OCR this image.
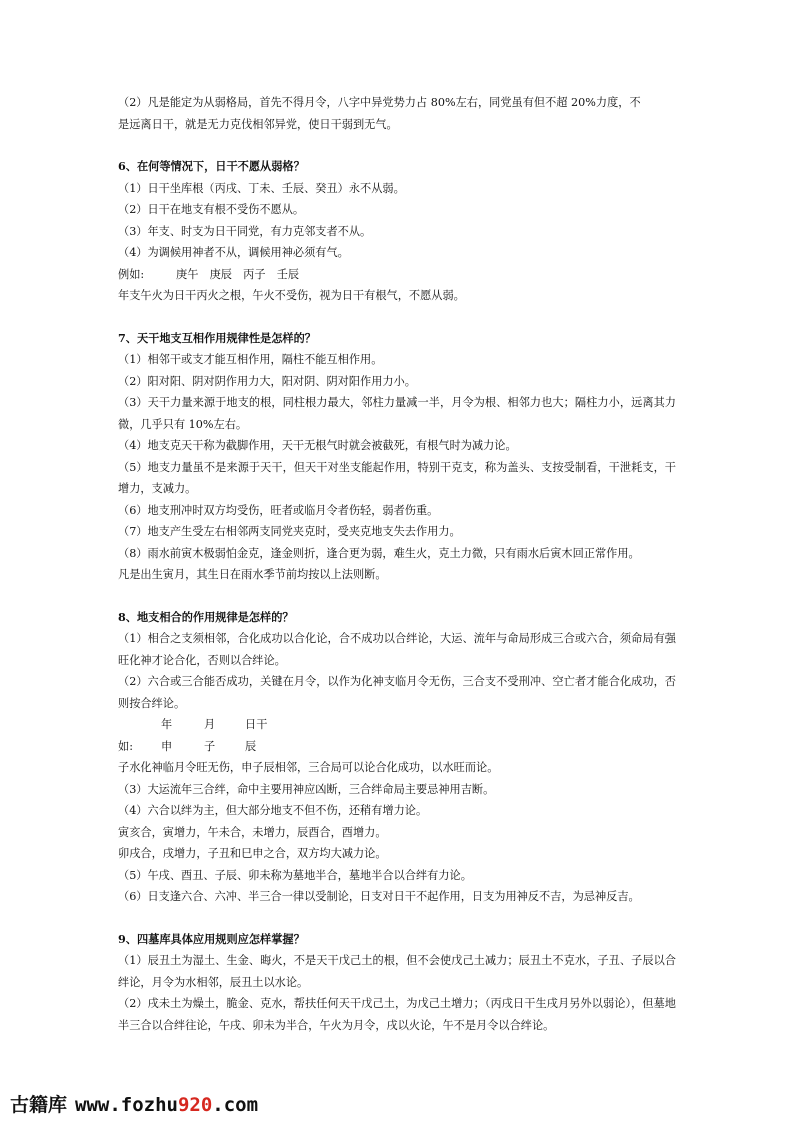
（2）凡是能定为从弱格局，首先不得月令，八字中异党势力占 80%左右，同党虽有但不超 20%力度，不
是远离日干，就是无力克伐相邻异党，使日干弱到无气。
6、在何等情况下，日干不愿从弱格？
（1）日干坐库根（丙戌、丁未、壬辰、癸丑）永不从弱。
（2）日干在地支有根不受伤不愿从。
（3）年支、时支为日干同党，有力克邻支者不从。
（4）为调候用神者不从，调候用神必须有气。
例如:	庚午　庚辰　丙子　壬辰
年支午火为日干丙火之根，午火不受伤，视为日干有根气，不愿从弱。
7、天干地支互相作用规律性是怎样的？
（1）相邻干或支才能互相作用，隔柱不能互相作用。
（2）阳对阳、阴对阴作用力大，阳对阴、阴对阳作用力小。
（3）天干力量来源于地支的根，同柱根力最大，邻柱力量减一半，月令为根、相邻力也大；隔柱力小，远离其力微，几乎只有 10%左右。
（4）地支克天干称为截脚作用，天干无根气时就会被截死，有根气时为减力论。
（5）地支力量虽不是来源于天干，但天干对坐支能起作用，特别干克支，称为盖头、支按受制看，干泄耗支，干增力，支减力。
（6）地支刑冲时双方均受伤，旺者或临月令者伤轻，弱者伤重。
（7）地支产生受左右相邻两支同党夹克时，受夹克地支失去作用力。
（8）雨水前寅木极弱怕金克，逢金则折，逢合更为弱，难生火，克土力微，只有雨水后寅木回正常作用。
凡是出生寅月，其生日在雨水季节前均按以上法则断。
8、地支相合的作用规律是怎样的？
（1）相合之支须相邻，合化成功以合化论，合不成功以合绊论，大运、流年与命局形成三合或六合，须命局有强旺化神才论合化，否则以合绊论。
（2）六合或三合能否成功，关键在月令，以作为化神支临月令无伤，三合支不受刑冲、空亡者才能合化成功，否则按合绊论。
年	月	日干
如:	申	子	辰
子水化神临月令旺无伤，申子辰相邻，三合局可以论合化成功，以水旺而论。
（3）大运流年三合绊，命中主要用神应凶断，三合绊命局主要忌神用吉断。
（4）六合以绊为主，但大部分地支不但不伤，还稍有增力论。
寅亥合，寅增力，午未合，未增力，辰酉合，酉增力。
卯戌合，戌增力，子丑和巳申之合，双方均大减力论。
（5）午戌、酉丑、子辰、卯未称为墓地半合，墓地半合以合绊有力论。
（6）日支逢六合、六冲、半三合一律以受制论，日支对日干不起作用，日支为用神反不吉，为忌神反吉。
9、四墓库具体应用规则应怎样掌握？
（1）辰丑土为湿土、生金、晦火，不是天干戊己土的根，但不会使戊己土减力；辰丑土不克水，子丑、子辰以合绊论，月令为水相邻，辰丑土以水论。
（2）戌未土为燥土，脆金、克水，帮扶任何天干戊己土，为戊己土增力；（丙戌日干生戌月另外以弱论），但墓地半三合以合绊往论，午戌、卯未为半合，午火为月令，戌以火论，午不是月令以合绊论。
古籍库 www.fozhu920.com
